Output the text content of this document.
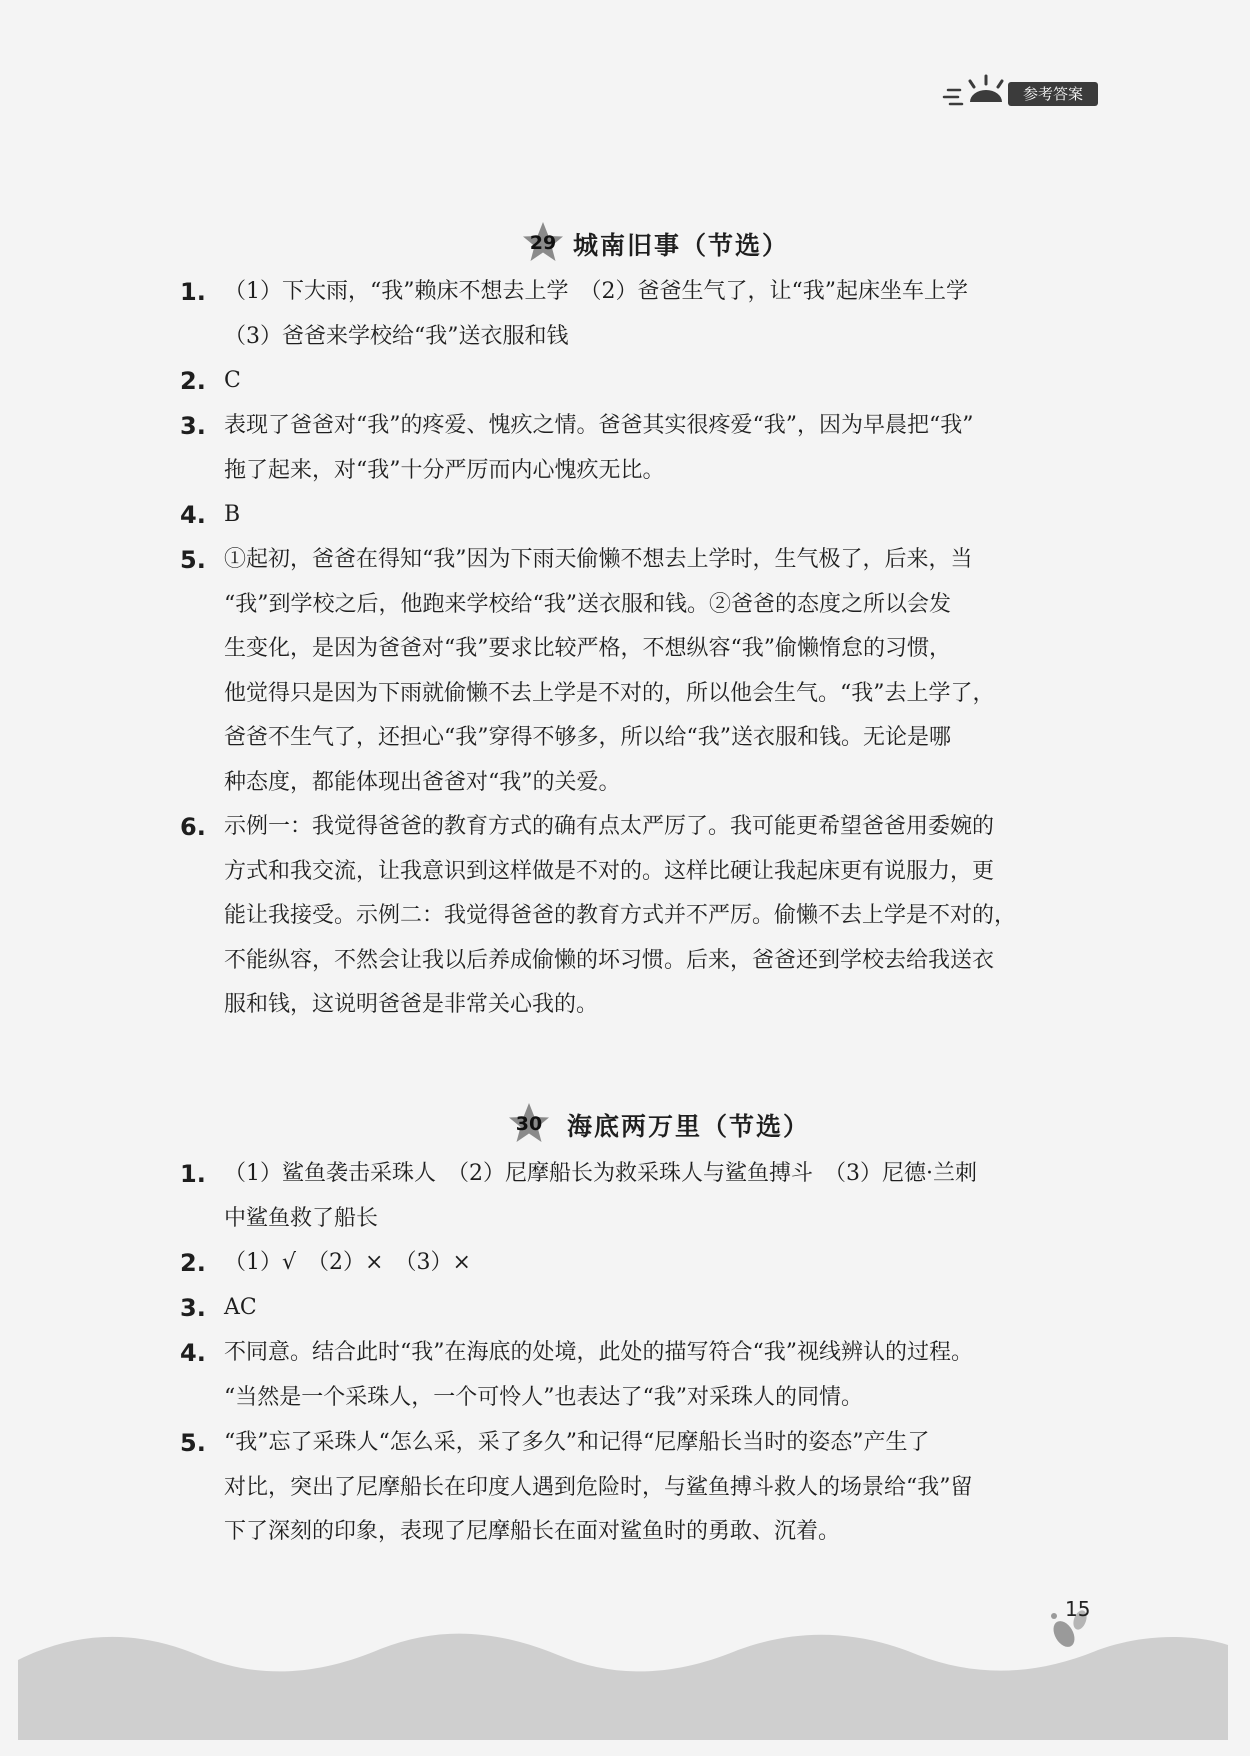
参考答案
29 城南旧事（节选）
1. （1）下大雨，“我”赖床不想去上学　（2）爸爸生气了，让“我”起床坐车上学
（3）爸爸来学校给“我”送衣服和钱
2. C
3. 表现了爸爸对“我”的疼爱、愧疚之情。爸爸其实很疼爱“我”，因为早晨把“我”
拖了起来，对“我”十分严厉而内心愧疚无比。
4. B
5. ①起初，爸爸在得知“我”因为下雨天偷懒不想去上学时，生气极了，后来，当
“我”到学校之后，他跑来学校给“我”送衣服和钱。②爸爸的态度之所以会发
生变化，是因为爸爸对“我”要求比较严格，不想纵容“我”偷懒惰怠的习惯，
他觉得只是因为下雨就偷懒不去上学是不对的，所以他会生气。“我”去上学了，
爸爸不生气了，还担心“我”穿得不够多，所以给“我”送衣服和钱。无论是哪
种态度，都能体现出爸爸对“我”的关爱。
6. 示例一：我觉得爸爸的教育方式的确有点太严厉了。我可能更希望爸爸用委婉的
方式和我交流，让我意识到这样做是不对的。这样比硬让我起床更有说服力，更
能让我接受。示例二：我觉得爸爸的教育方式并不严厉。偷懒不去上学是不对的，
不能纵容，不然会让我以后养成偷懒的坏习惯。后来，爸爸还到学校去给我送衣
服和钱，这说明爸爸是非常关心我的。
30 海底两万里（节选）
1. （1）鲨鱼袭击采珠人　（2）尼摩船长为救采珠人与鲨鱼搏斗　（3）尼德·兰刺
中鲨鱼救了船长
2. （1）√　（2）×　（3）×
3. AC
4. 不同意。结合此时“我”在海底的处境，此处的描写符合“我”视线辨认的过程。
“当然是一个采珠人，一个可怜人”也表达了“我”对采珠人的同情。
5. “我”忘了采珠人“怎么采，采了多久”和记得“尼摩船长当时的姿态”产生了
对比，突出了尼摩船长在印度人遇到危险时，与鲨鱼搏斗救人的场景给“我”留
下了深刻的印象，表现了尼摩船长在面对鲨鱼时的勇敢、沉着。
15
